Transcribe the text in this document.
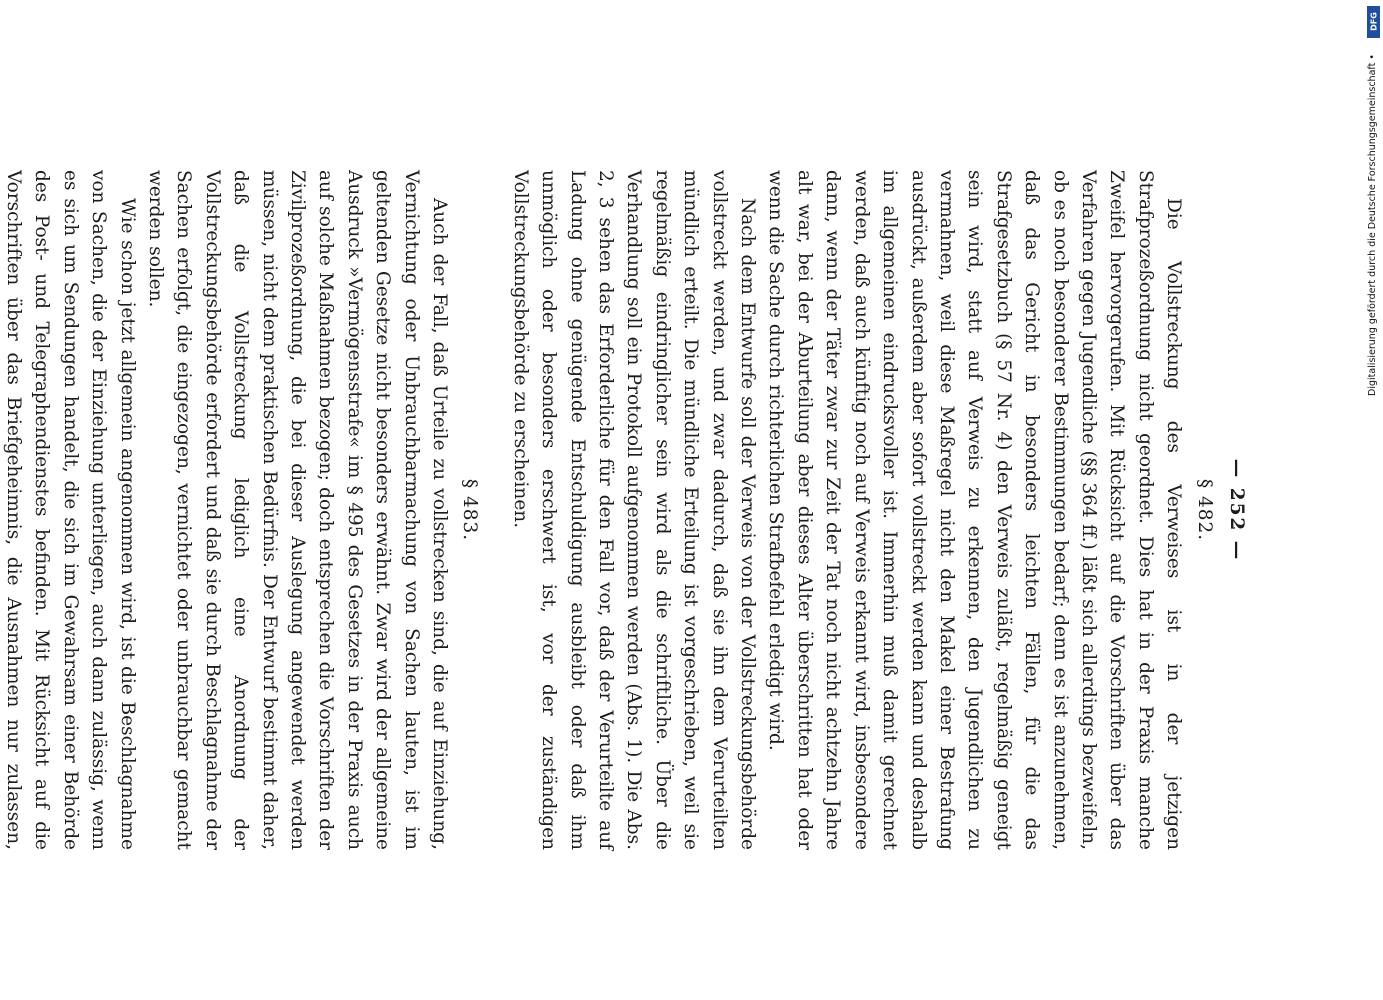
— 252 —
§ 482.

Die Vollstreckung des Verweises ist in der jetzigen Strafprozeßordnung nicht geordnet. Dies hat in der Praxis manche Zweifel hervorgerufen. Mit Rücksicht auf die Vorschriften über das Verfahren gegen Jugendliche (§§ 364 ff.) läßt sich allerdings bezweifeln, ob es noch besonderer Bestimmungen bedarf; denn es ist anzunehmen, daß das Gericht in besonders leichten Fällen, für die das Strafgesetzbuch (§ 57 Nr. 4) den Verweis zuläßt, regelmäßig geneigt sein wird, statt auf Verweis zu erkennen, den Jugendlichen zu vermahnen, weil diese Maßregel nicht den Makel einer Bestrafung ausdrückt, außerdem aber sofort vollstreckt werden kann und deshalb im allgemeinen eindrucksvoller ist. Immerhin muß damit gerechnet werden, daß auch künftig noch auf Verweis erkannt wird, insbesondere dann, wenn der Täter zwar zur Zeit der Tat noch nicht achtzehn Jahre alt war, bei der Aburteilung aber dieses Alter überschritten hat oder wenn die Sache durch richterlichen Strafbefehl erledigt wird.

Nach dem Entwurfe soll der Verweis von der Vollstreckungsbehörde vollstreckt werden, und zwar dadurch, daß sie ihn dem Verurteilten mündlich erteilt. Die mündliche Erteilung ist vorgeschrieben, weil sie regelmäßig eindringlicher sein wird als die schriftliche. Über die Verhandlung soll ein Protokoll aufgenommen werden (Abs. 1). Die Abs. 2, 3 sehen das Erforderliche für den Fall vor, daß der Verurteilte auf Ladung ohne genügende Entschuldigung ausbleibt oder daß ihm unmöglich oder besonders erschwert ist, vor der zuständigen Vollstreckungsbehörde zu erscheinen.

§ 483.

Auch der Fall, daß Urteile zu vollstrecken sind, die auf Einziehung, Vernichtung oder Unbrauchbarmachung von Sachen lauten, ist im geltenden Gesetze nicht besonders erwähnt. Zwar wird der allgemeine Ausdruck »Vermögensstrafe« im § 495 des Gesetzes in der Praxis auch auf solche Maßnahmen bezogen; doch entsprechen die Vorschriften der Zivilprozeßordnung, die bei dieser Auslegung angewendet werden müssen, nicht dem praktischen Bedürfnis. Der Entwurf bestimmt daher, daß die Vollstreckung lediglich eine Anordnung der Vollstreckungsbehörde erfordert und daß sie durch Beschlagnahme der Sachen erfolgt, die eingezogen, vernichtet oder unbrauchbar gemacht werden sollen.

Wie schon jetzt allgemein angenommen wird, ist die Beschlagnahme von Sachen, die der Einziehung unterliegen, auch dann zulässig, wenn es sich um Sendungen handelt, die sich im Gewahrsam einer Behörde des Post- und Telegraphendienstes befinden. Mit Rücksicht auf die Vorschriften über das Briefgeheimnis, die Ausnahmen nur zulassen,

DFG
Digitalisierung gefördert durch die Deutsche Forschungsgemeinschaft •
